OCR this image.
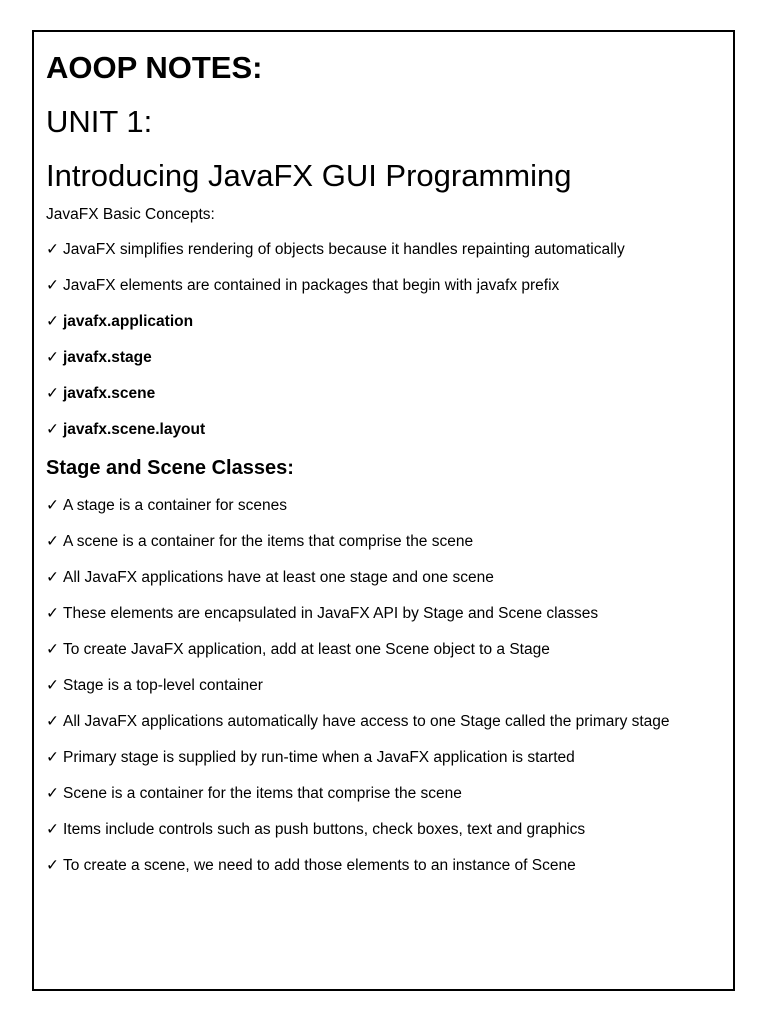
AOOP NOTES:
UNIT 1:
Introducing JavaFX GUI Programming
JavaFX Basic Concepts:
✓ JavaFX simplifies rendering of objects because it handles repainting automatically
✓ JavaFX elements are contained in packages that begin with javafx prefix
✓ javafx.application
✓ javafx.stage
✓ javafx.scene
✓ javafx.scene.layout
Stage and Scene Classes:
✓ A stage is a container for scenes
✓ A scene is a container for the items that comprise the scene
✓ All JavaFX applications have at least one stage and one scene
✓ These elements are encapsulated in JavaFX API by Stage and Scene classes
✓ To create JavaFX application, add at least one Scene object to a Stage
✓ Stage is a top-level container
✓ All JavaFX applications automatically have access to one Stage called the primary stage
✓ Primary stage is supplied by run-time when a JavaFX application is started
✓ Scene is a container for the items that comprise the scene
✓ Items include controls such as push buttons, check boxes, text and graphics
✓ To create a scene, we need to add those elements to an instance of Scene
